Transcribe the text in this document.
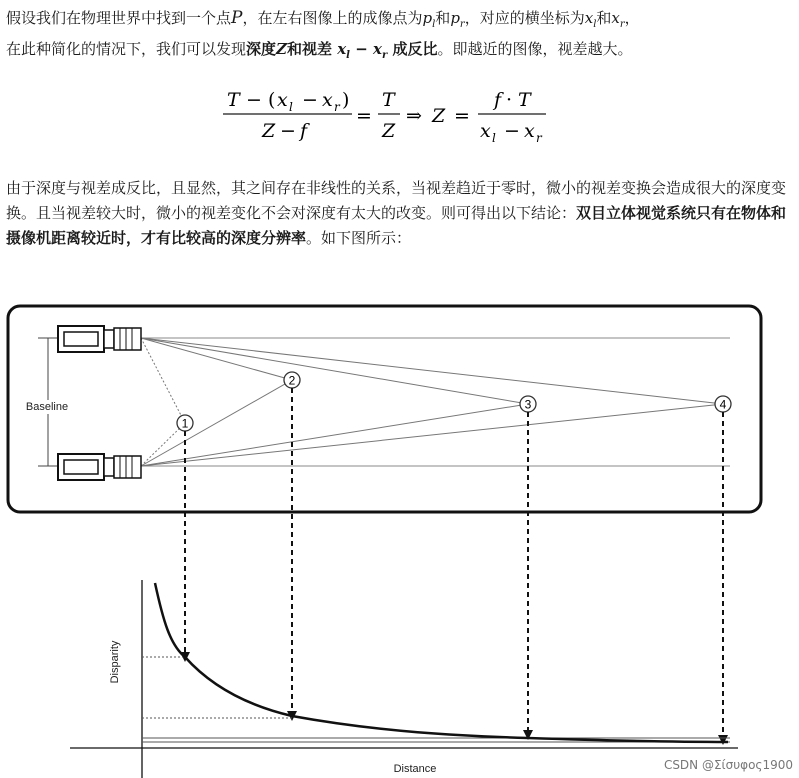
假设我们在物理世界中找到一个点P，在左右图像上的成像点为$p_l$和$p_r$，对应的横坐标为$x_l$和$x_r$，
在此种简化的情况下，我们可以发现深度Z和视差 $x_l - x_r$ 成反比。即越近的图像，视差越大。
T − ( x l − x r )
Z − f
=
T
Z
⇒ Z =
f · T
x l − x r
由于深度与视差成反比，且显然，其之间存在非线性的关系，当视差趋近于零时，微小的视差变换会造成很大的深度变换。且当视差较大时，微小的视差变化不会对深度有太大的改变。则可得出以下结论：双目立体视觉系统只有在物体和摄像机距离较近时，才有比较高的深度分辨率。如下图所示：
Baseline
1
2
3	4
Disparity
Distance	CSDN @Σίσυφος1900
